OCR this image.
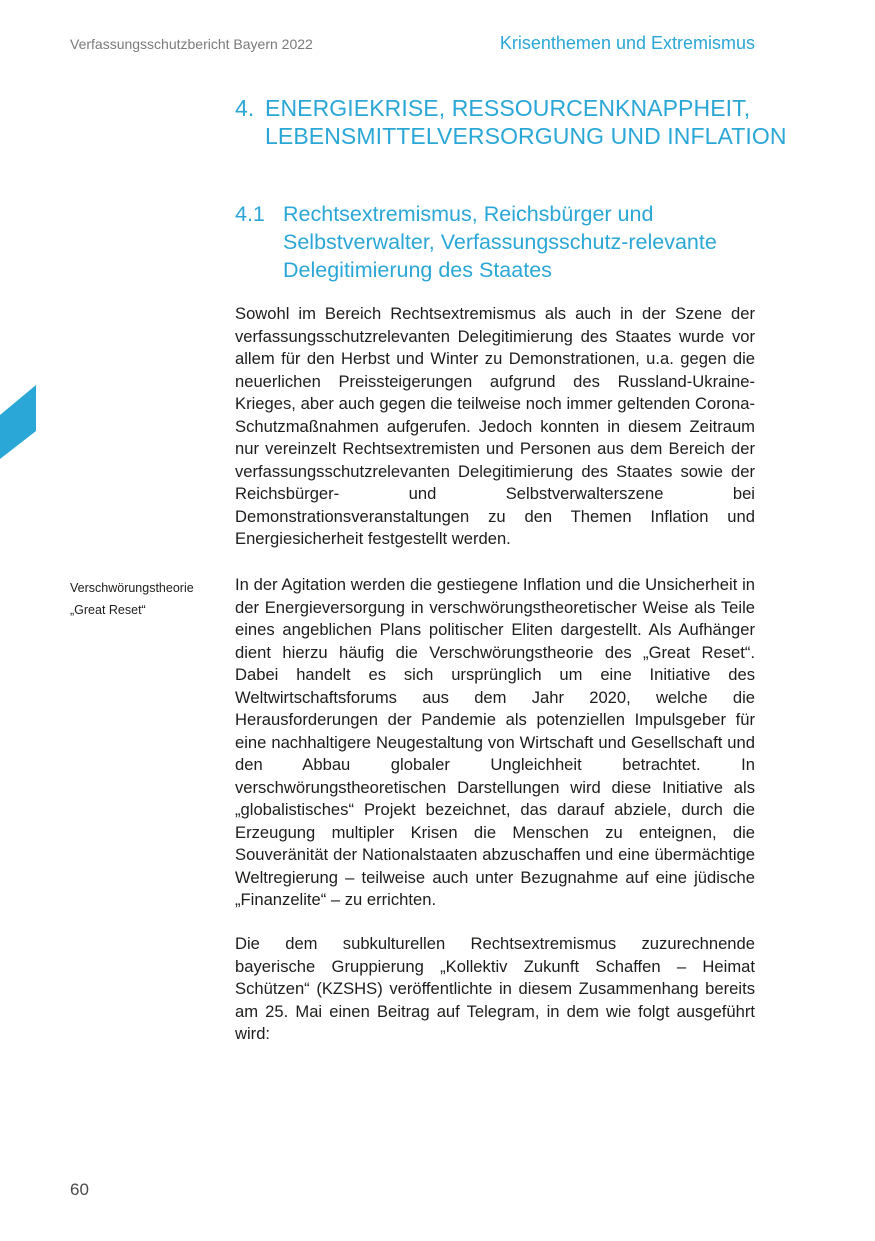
Verfassungsschutzbericht Bayern 2022	Krisenthemen und Extremismus
4. ENERGIEKRISE, RESSOURCENKNAPPHEIT, LEBENSMITTELVERSORGUNG UND INFLATION
4.1 Rechtsextremismus, Reichsbürger und Selbstverwalter, Verfassungsschutz-relevante Delegitimierung des Staates

Sowohl im Bereich Rechtsextremismus als auch in der Szene der verfassungsschutzrelevanten Delegitimierung des Staates wurde vor allem für den Herbst und Winter zu Demonstrationen, u.a. gegen die neuerlichen Preissteigerungen aufgrund des Russland-Ukraine-Krieges, aber auch gegen die teilweise noch immer geltenden Corona-Schutzmaßnahmen aufgerufen. Jedoch konnten in diesem Zeitraum nur vereinzelt Rechtsextremisten und Personen aus dem Bereich der verfassungsschutzrelevanten Delegitimierung des Staates sowie der Reichsbürger- und Selbstverwalterszene bei Demonstrationsveranstaltungen zu den Themen Inflation und Energiesicherheit festgestellt werden.

Verschwörungstheorie „Great Reset“

In der Agitation werden die gestiegene Inflation und die Unsicherheit in der Energieversorgung in verschwörungstheoretischer Weise als Teile eines angeblichen Plans politischer Eliten dargestellt. Als Aufhänger dient hierzu häufig die Verschwörungstheorie des „Great Reset“. Dabei handelt es sich ursprünglich um eine Initiative des Weltwirtschaftsforums aus dem Jahr 2020, welche die Herausforderungen der Pandemie als potenziellen Impulsgeber für eine nachhaltigere Neugestaltung von Wirtschaft und Gesellschaft und den Abbau globaler Ungleichheit betrachtet. In verschwörungstheoretischen Darstellungen wird diese Initiative als „globalistisches“ Projekt bezeichnet, das darauf abziele, durch die Erzeugung multipler Krisen die Menschen zu enteignen, die Souveränität der Nationalstaaten abzuschaffen und eine übermächtige Weltregierung – teilweise auch unter Bezugnahme auf eine jüdische „Finanzelite“ – zu errichten.

Die dem subkulturellen Rechtsextremismus zuzurechnende bayerische Gruppierung „Kollektiv Zukunft Schaffen – Heimat Schützen“ (KZSHS) veröffentlichte in diesem Zusammenhang bereits am 25. Mai einen Beitrag auf Telegram, in dem wie folgt ausgeführt wird:

60
